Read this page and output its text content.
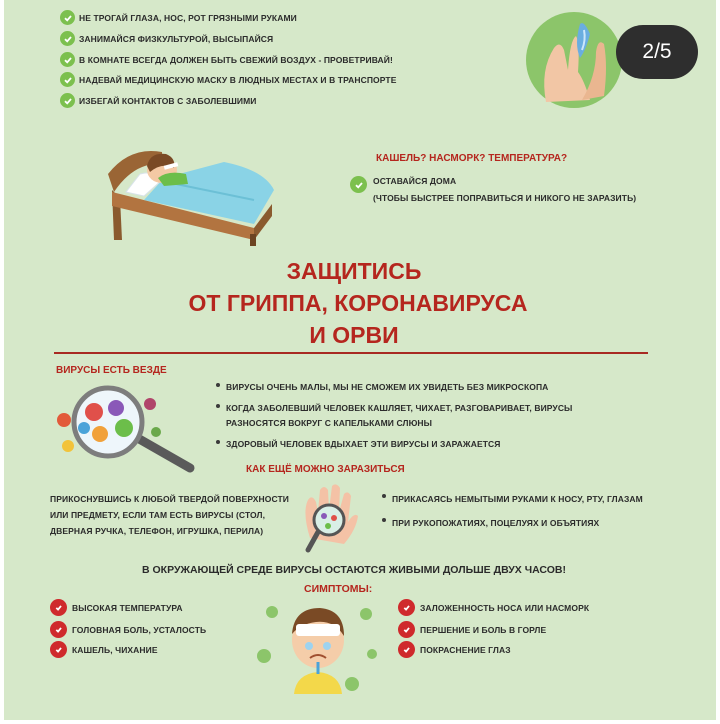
НЕ ТРОГАЙ ГЛАЗА, НОС, РОТ ГРЯЗНЫМИ РУКАМИ
ЗАНИМАЙСЯ ФИЗКУЛЬТУРОЙ, ВЫСЫПАЙСЯ
В КОМНАТЕ ВСЕГДА ДОЛЖЕН БЫТЬ СВЕЖИЙ ВОЗДУХ - ПРОВЕТРИВАЙ!
НАДЕВАЙ МЕДИЦИНСКУЮ МАСКУ В ЛЮДНЫХ МЕСТАХ И В ТРАНСПОРТЕ
ИЗБЕГАЙ КОНТАКТОВ С ЗАБОЛЕВШИМИ
2/5
КАШЕЛЬ? НАСМОРК? ТЕМПЕРАТУРА?
ОСТАВАЙСЯ ДОМА
(ЧТОБЫ БЫСТРЕЕ ПОПРАВИТЬСЯ И НИКОГО НЕ ЗАРАЗИТЬ)
ЗАЩИТИСЬ
ОТ ГРИППА, КОРОНАВИРУСА
И ОРВИ
ВИРУСЫ ЕСТЬ ВЕЗДЕ
ВИРУСЫ ОЧЕНЬ МАЛЫ, МЫ НЕ СМОЖЕМ ИХ УВИДЕТЬ БЕЗ МИКРОСКОПА
КОГДА ЗАБОЛЕВШИЙ ЧЕЛОВЕК КАШЛЯЕТ, ЧИХАЕТ, РАЗГОВАРИВАЕТ, ВИРУСЫ РАЗНОСЯТСЯ ВОКРУГ С КАПЕЛЬКАМИ СЛЮНЫ
ЗДОРОВЫЙ ЧЕЛОВЕК ВДЫХАЕТ ЭТИ ВИРУСЫ И ЗАРАЖАЕТСЯ
КАК ЕЩЁ МОЖНО ЗАРАЗИТЬСЯ
ПРИКОСНУВШИСЬ К ЛЮБОЙ ТВЕРДОЙ ПОВЕРХНОСТИ ИЛИ ПРЕДМЕТУ, ЕСЛИ ТАМ ЕСТЬ ВИРУСЫ (СТОЛ, ДВЕРНАЯ РУЧКА, ТЕЛЕФОН, ИГРУШКА, ПЕРИЛА)
ПРИКАСАЯСЬ НЕМЫТЫМИ РУКАМИ К НОСУ, РТУ, ГЛАЗАМ
ПРИ РУКОПОЖАТИЯХ, ПОЦЕЛУЯХ И ОБЪЯТИЯХ
В ОКРУЖАЮЩЕЙ СРЕДЕ ВИРУСЫ ОСТАЮТСЯ ЖИВЫМИ ДОЛЬШЕ ДВУХ ЧАСОВ!
СИМПТОМЫ:
ВЫСОКАЯ ТЕМПЕРАТУРА
ГОЛОВНАЯ БОЛЬ, УСТАЛОСТЬ
КАШЕЛЬ, ЧИХАНИЕ
ЗАЛОЖЕННОСТЬ НОСА ИЛИ НАСМОРК
ПЕРШЕНИЕ И БОЛЬ В ГОРЛЕ
ПОКРАСНЕНИЕ ГЛАЗ
